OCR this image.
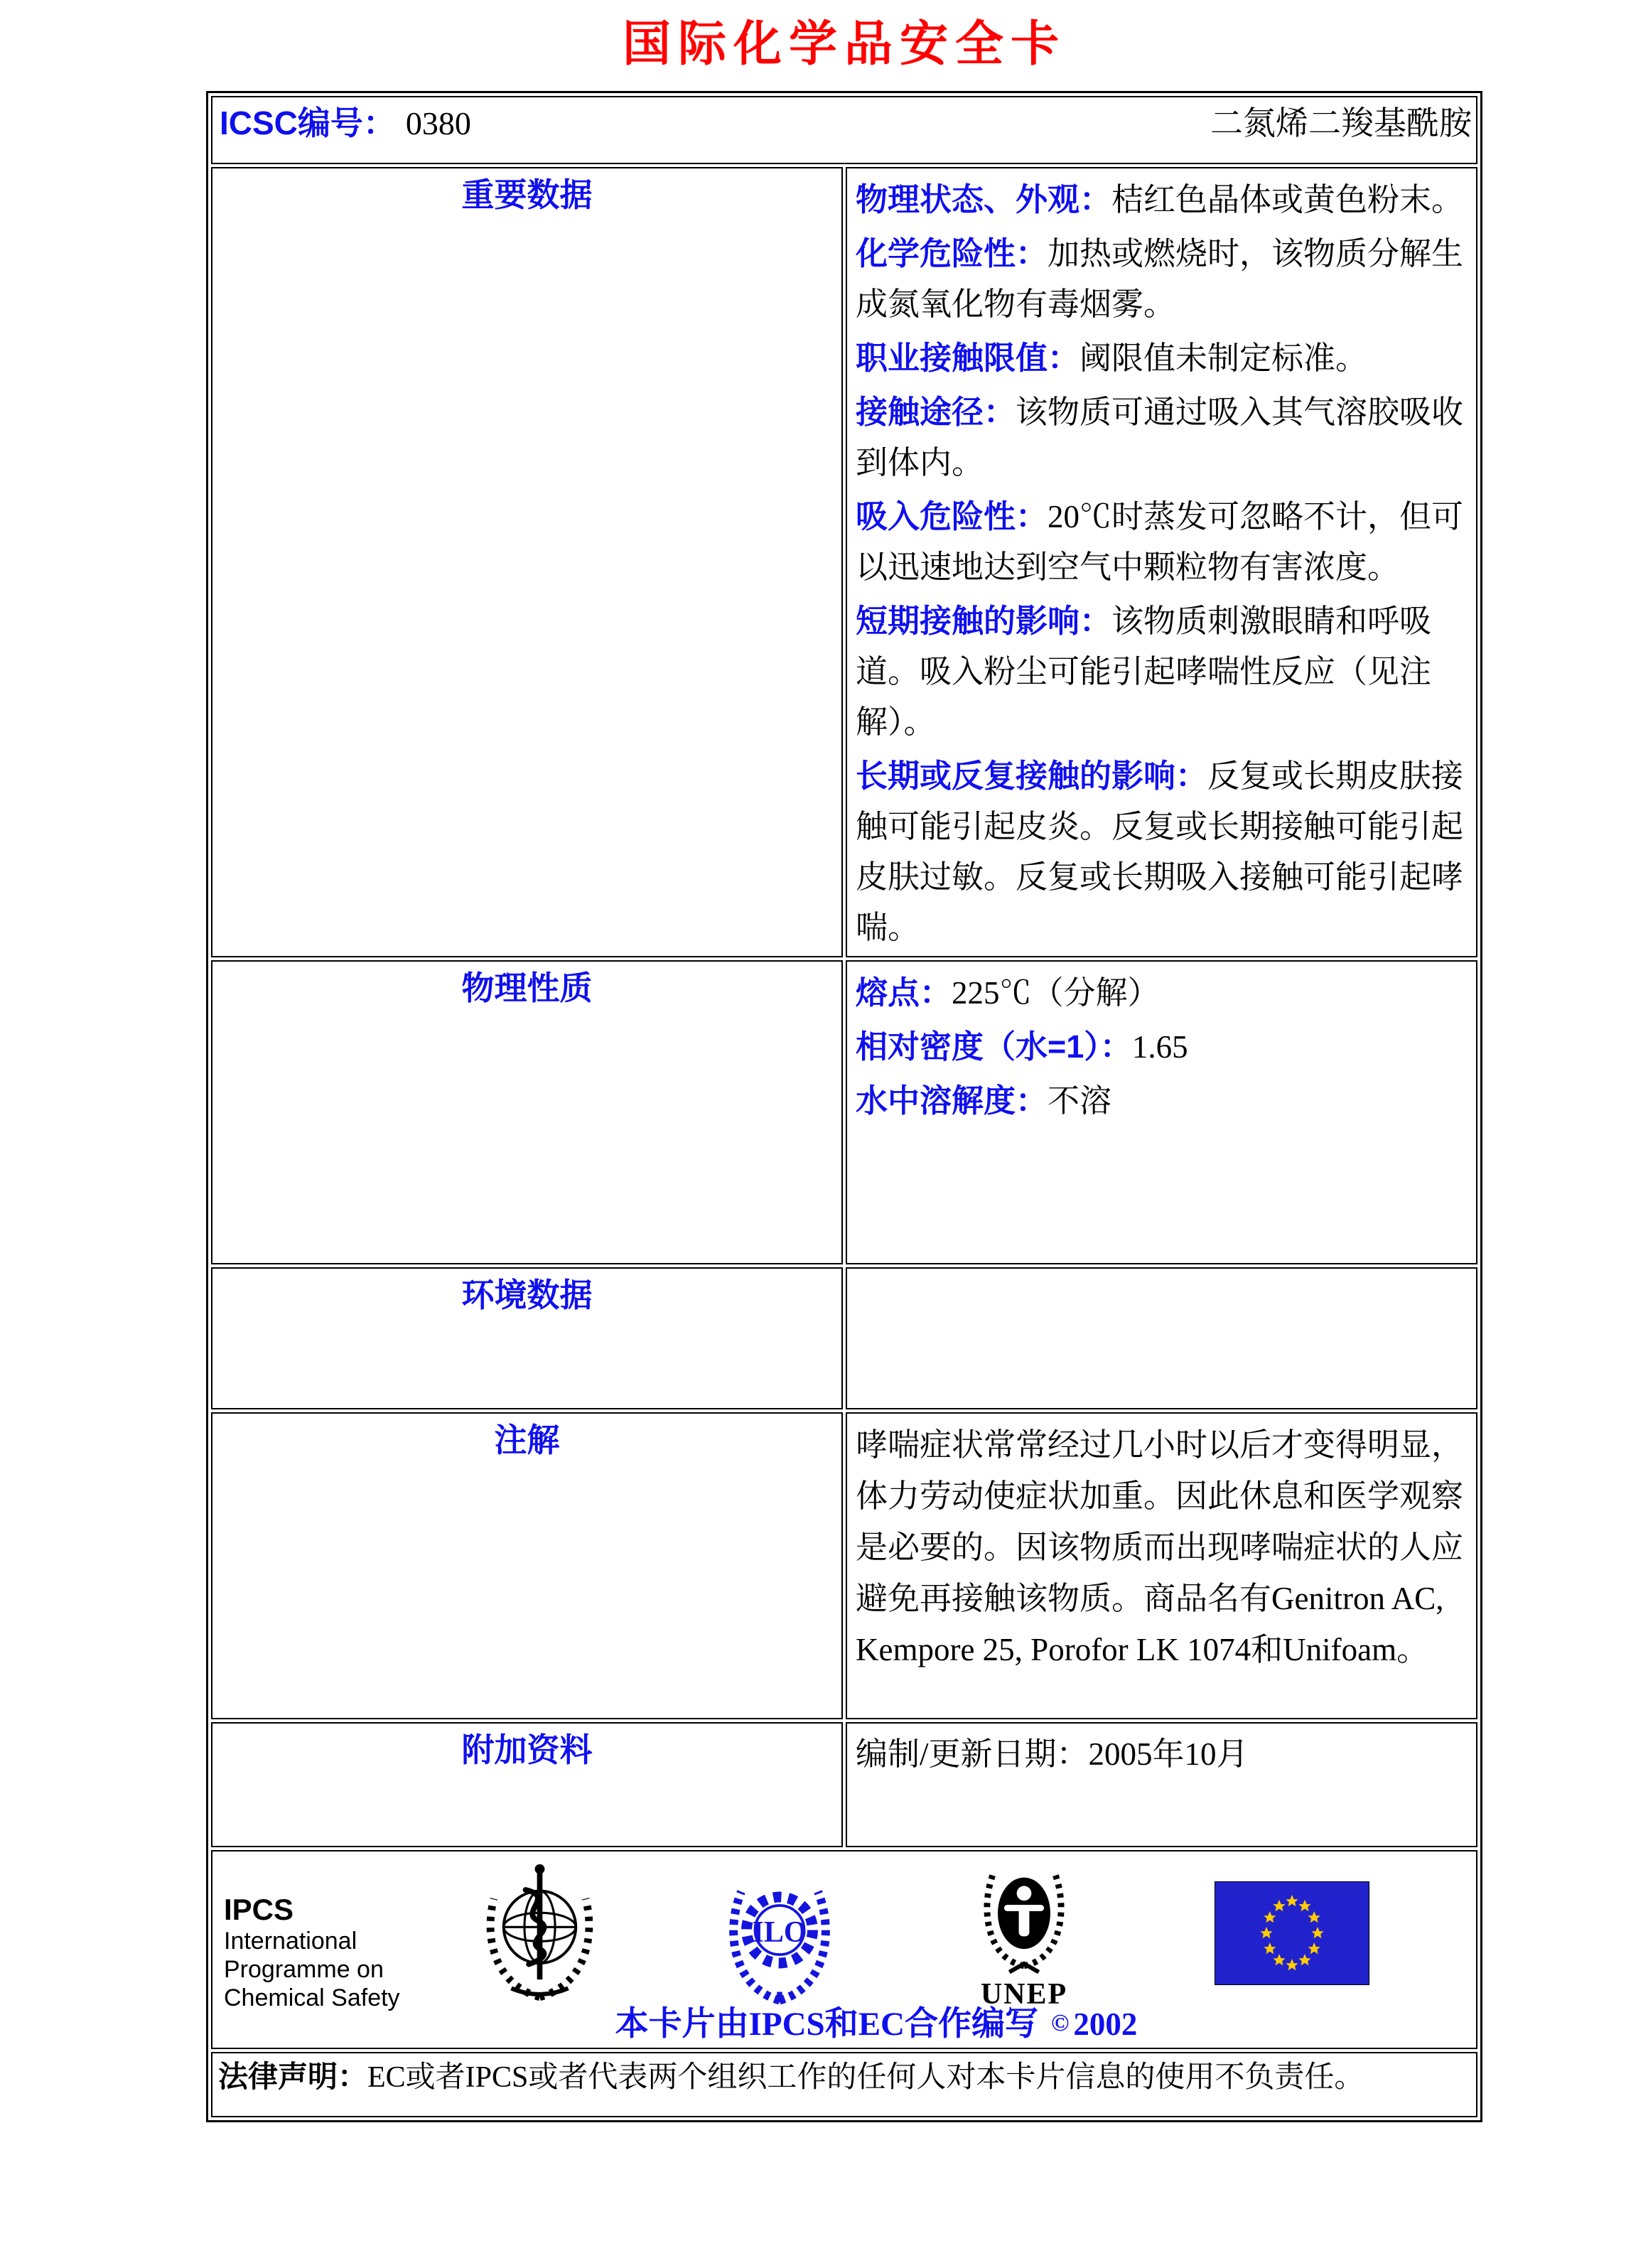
国际化学品安全卡
ICSC编号： 0380 二氮烯二羧基酰胺	

重要数据	物理状态、外观：桔红色晶体或黄色粉末。

化学危险性：加热或燃烧时，该物质分解生成氮氧化物有毒烟雾。

职业接触限值：阈限值未制定标准。

接触途径：该物质可通过吸入其气溶胶吸收到体内。

吸入危险性：20℃时蒸发可忽略不计，但可以迅速地达到空气中颗粒物有害浓度。

短期接触的影响：该物质刺激眼睛和呼吸道。吸入粉尘可能引起哮喘性反应（见注解）。

长期或反复接触的影响：反复或长期皮肤接触可能引起皮炎。反复或长期接触可能引起皮肤过敏。反复或长期吸入接触可能引起哮喘。

物理性质	熔点：225℃（分解）

相对密度（水=1）：1.65

水中溶解度：不溶

环境数据	
注解	哮喘症状常常经过几小时以后才变得明显，体力劳动使症状加重。因此休息和医学观察是必要的。因该物质而出现哮喘症状的人应避免再接触该物质。商品名有Genitron AC, Kempore 25, Porofor LK 1074和Unifoam。

附加资料	编制/更新日期：2005年10月

IPCS
International
Programme on
Chemical Safety
ILO
UNEP
本卡片由IPCS和EC合作编写 © 2002

法律声明：EC或者IPCS或者代表两个组织工作的任何人对本卡片信息的使用不负责任。	
